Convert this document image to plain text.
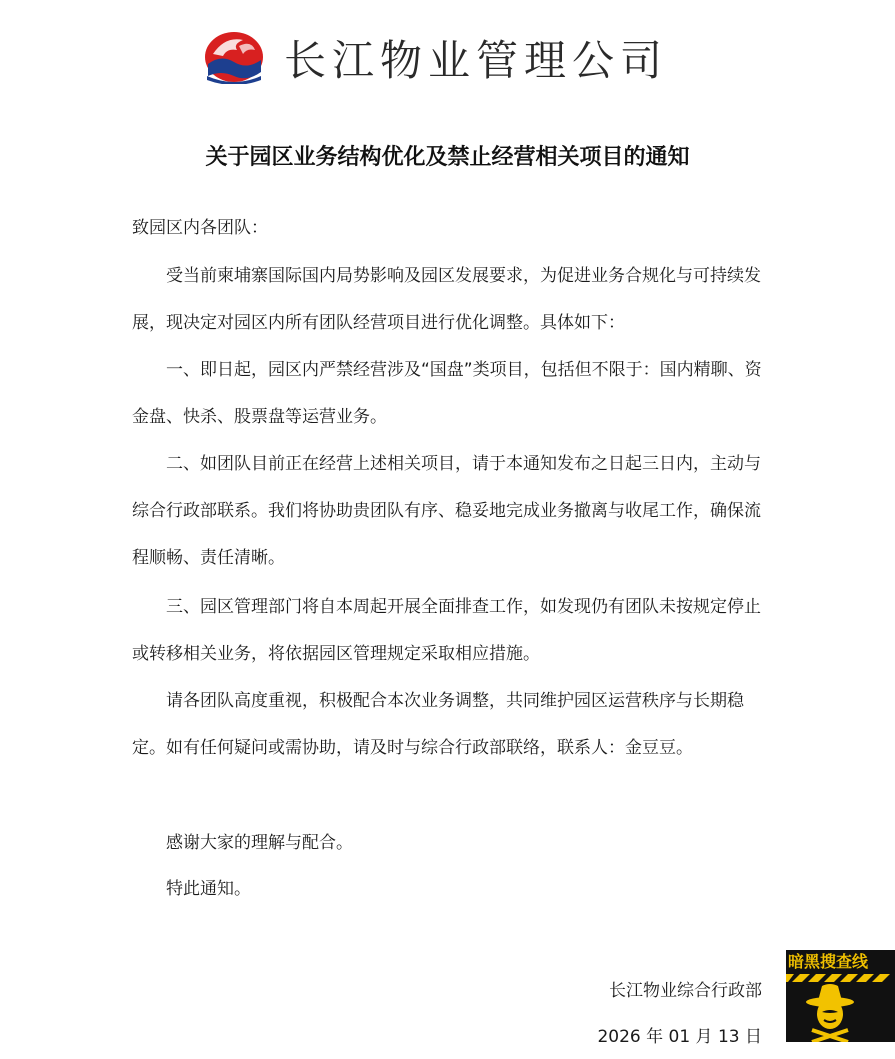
长江物业管理公司
关于园区业务结构优化及禁止经营相关项目的通知

致园区内各团队：

受当前柬埔寨国际国内局势影响及园区发展要求，为促进业务合规化与可持续发展，现决定对园区内所有团队经营项目进行优化调整。具体如下：

一、即日起，园区内严禁经营涉及“国盘”类项目，包括但不限于：国内精聊、资金盘、快杀、股票盘等运营业务。

二、如团队目前正在经营上述相关项目，请于本通知发布之日起三日内，主动与综合行政部联系。我们将协助贵团队有序、稳妥地完成业务撤离与收尾工作，确保流程顺畅、责任清晰。

三、园区管理部门将自本周起开展全面排查工作，如发现仍有团队未按规定停止或转移相关业务，将依据园区管理规定采取相应措施。

请各团队高度重视，积极配合本次业务调整，共同维护园区运营秩序与长期稳定。如有任何疑问或需协助，请及时与综合行政部联络，联系人：金豆豆。

感谢大家的理解与配合。

特此通知。

长江物业综合行政部
2026 年 01 月 13 日
暗黑搜查线
